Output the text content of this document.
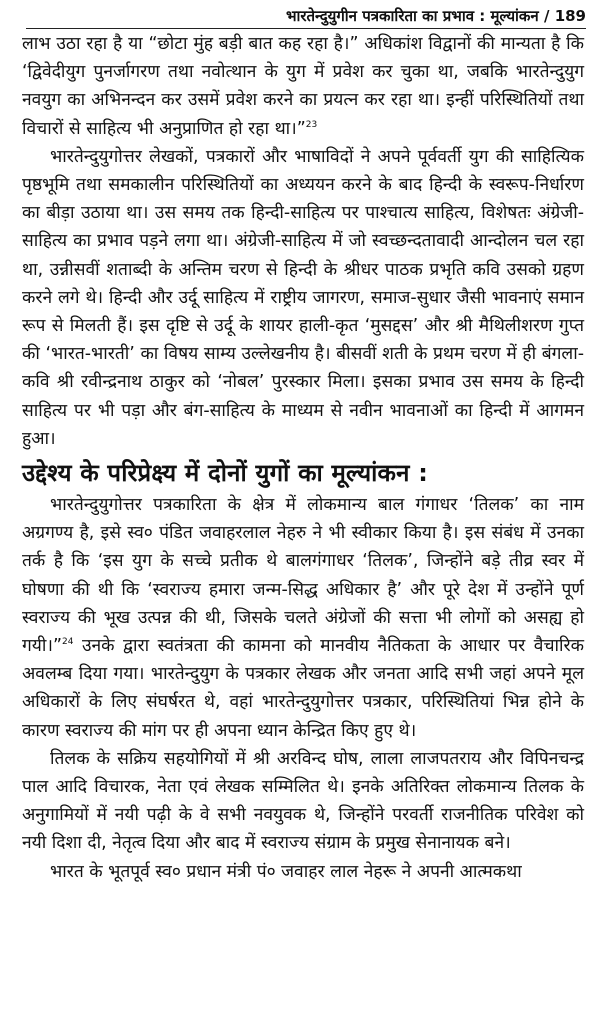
भारतेन्दुयुगीन पत्रकारिता का प्रभाव : मूल्यांकन / 189

लाभ उठा रहा है या “छोटा मुंह बड़ी बात कह रहा है।” अधिकांश विद्वानों की मान्यता है कि ‘द्विवेदीयुग पुनर्जागरण तथा नवोत्थान के युग में प्रवेश कर चुका था, जबकि भारतेन्दुयुग नवयुग का अभिनन्दन कर उसमें प्रवेश करने का प्रयत्न कर रहा था। इन्हीं परिस्थितियों तथा विचारों से साहित्य भी अनुप्राणित हो रहा था।”$^{23}$

भारतेन्दुयुगोत्तर लेखकों, पत्रकारों और भाषाविदों ने अपने पूर्ववर्ती युग की साहित्यिक पृष्ठभूमि तथा समकालीन परिस्थितियों का अध्ययन करने के बाद हिन्दी के स्वरूप-निर्धारण का बीड़ा उठाया था। उस समय तक हिन्दी-साहित्य पर पाश्चात्य साहित्य, विशेषतः अंग्रेजी-साहित्य का प्रभाव पड़ने लगा था। अंग्रेजी-साहित्य में जो स्वच्छन्दतावादी आन्दोलन चल रहा था, उन्नीसवीं शताब्दी के अन्तिम चरण से हिन्दी के श्रीधर पाठक प्रभृति कवि उसको ग्रहण करने लगे थे। हिन्दी और उर्दू साहित्य में राष्ट्रीय जागरण, समाज-सुधार जैसी भावनाएं समान रूप से मिलती हैं। इस दृष्टि से उर्दू के शायर हाली-कृत ‘मुसद्दस’ और श्री मैथिलीशरण गुप्त की ‘भारत-भारती’ का विषय साम्य उल्लेखनीय है। बीसवीं शती के प्रथम चरण में ही बंगला-कवि श्री रवीन्द्रनाथ ठाकुर को ‘नोबल’ पुरस्कार मिला। इसका प्रभाव उस समय के हिन्दी साहित्य पर भी पड़ा और बंग-साहित्य के माध्यम से नवीन भावनाओं का हिन्दी में आगमन हुआ।

उद्देश्य के परिप्रेक्ष्य में दोनों युगों का मूल्यांकन :

भारतेन्दुयुगोत्तर पत्रकारिता के क्षेत्र में लोकमान्य बाल गंगाधर ‘तिलक’ का नाम अग्रगण्य है, इसे स्व० पंडित जवाहरलाल नेहरु ने भी स्वीकार किया है। इस संबंध में उनका तर्क है कि ‘इस युग के सच्चे प्रतीक थे बालगंगाधर ‘तिलक’, जिन्होंने बड़े तीव्र स्वर में घोषणा की थी कि ‘स्वराज्य हमारा जन्म-सिद्ध अधिकार है’ और पूरे देश में उन्होंने पूर्ण स्वराज्य की भूख उत्पन्न की थी, जिसके चलते अंग्रेजों की सत्ता भी लोगों को असह्य हो गयी।”$^{24}$ उनके द्वारा स्वतंत्रता की कामना को मानवीय नैतिकता के आधार पर वैचारिक अवलम्ब दिया गया। भारतेन्दुयुग के पत्रकार लेखक और जनता आदि सभी जहां अपने मूल अधिकारों के लिए संघर्षरत थे, वहां भारतेन्दुयुगोत्तर पत्रकार, परिस्थितियां भिन्न होने के कारण स्वराज्य की मांग पर ही अपना ध्यान केन्द्रित किए हुए थे।

तिलक के सक्रिय सहयोगियों में श्री अरविन्द घोष, लाला लाजपतराय और विपिनचन्द्र पाल आदि विचारक, नेता एवं लेखक सम्मिलित थे। इनके अतिरिक्त लोकमान्य तिलक के अनुगामियों में नयी पढ़ी के वे सभी नवयुवक थे, जिन्होंने परवर्ती राजनीतिक परिवेश को नयी दिशा दी, नेतृत्व दिया और बाद में स्वराज्य संग्राम के प्रमुख सेनानायक बने।

भारत के भूतपूर्व स्व० प्रधान मंत्री पं० जवाहर लाल नेहरू ने अपनी आत्मकथा
